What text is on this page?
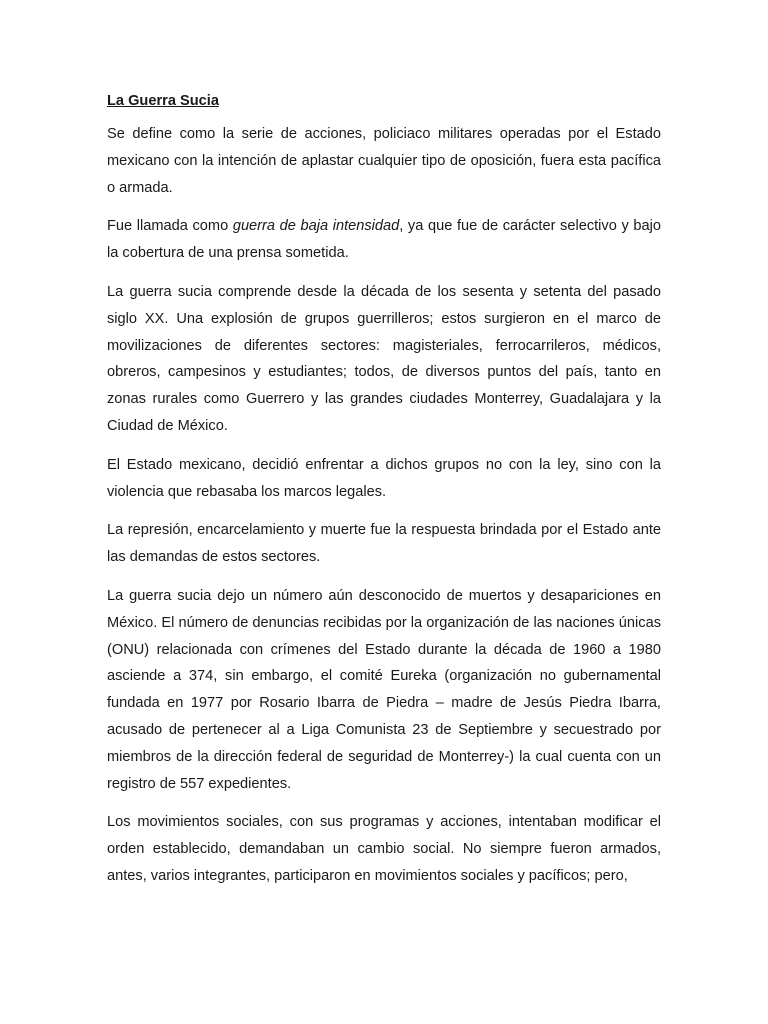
La Guerra Sucia

Se define como la serie de acciones, policiaco militares operadas por el Estado mexicano con la intención de aplastar cualquier tipo de oposición, fuera esta pacífica o armada.

Fue llamada como guerra de baja intensidad, ya que fue de carácter selectivo y bajo la cobertura de una prensa sometida.

La guerra sucia comprende desde la década de los sesenta y setenta del pasado siglo XX. Una explosión de grupos guerrilleros; estos surgieron en el marco de movilizaciones de diferentes sectores: magisteriales, ferrocarrileros, médicos, obreros, campesinos y estudiantes; todos, de diversos puntos del país, tanto en zonas rurales como Guerrero y las grandes ciudades Monterrey, Guadalajara y la Ciudad de México.

El Estado mexicano, decidió enfrentar a dichos grupos no con la ley, sino con la violencia que rebasaba los marcos legales.

La represión, encarcelamiento y muerte fue la respuesta brindada por el Estado ante las demandas de estos sectores.

La guerra sucia dejo un número aún desconocido de muertos y desapariciones en México. El número de denuncias recibidas por la organización de las naciones únicas (ONU) relacionada con crímenes del Estado durante la década de 1960 a 1980 asciende a 374, sin embargo, el comité Eureka (organización no gubernamental fundada en 1977 por Rosario Ibarra de Piedra – madre de Jesús Piedra Ibarra, acusado de pertenecer al a Liga Comunista 23 de Septiembre y secuestrado por miembros de la dirección federal de seguridad de Monterrey-) la cual cuenta con un registro de 557 expedientes.

Los movimientos sociales, con sus programas y acciones, intentaban modificar el orden establecido, demandaban un cambio social. No siempre fueron armados, antes, varios integrantes, participaron en movimientos sociales y pacíficos; pero,
